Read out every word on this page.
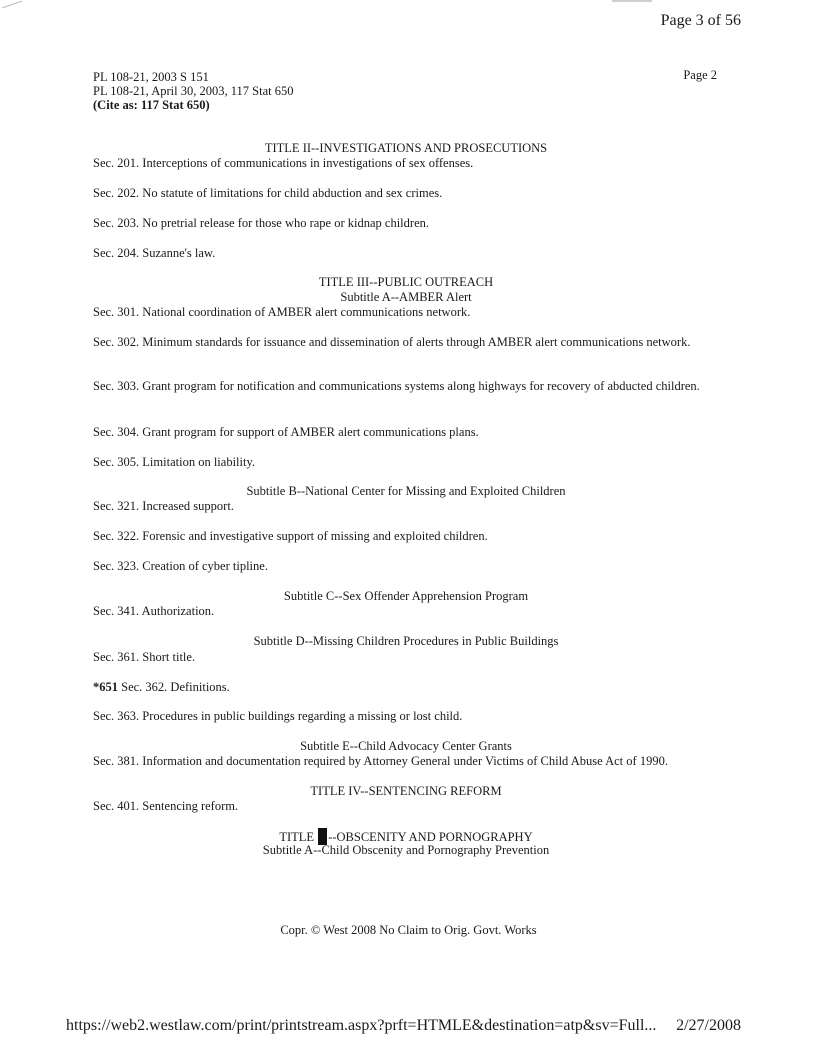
Page 3 of 56
PL 108-21, 2003 S 151
PL 108-21, April 30, 2003, 117 Stat 650
(Cite as: 117 Stat 650)
Page 2
TITLE II--INVESTIGATIONS AND PROSECUTIONS
Sec. 201. Interceptions of communications in investigations of sex offenses.
Sec. 202. No statute of limitations for child abduction and sex crimes.
Sec. 203. No pretrial release for those who rape or kidnap children.
Sec. 204. Suzanne's law.
TITLE III--PUBLIC OUTREACH
Subtitle A--AMBER Alert
Sec. 301. National coordination of AMBER alert communications network.
Sec. 302. Minimum standards for issuance and dissemination of alerts through AMBER alert communications network.
Sec. 303. Grant program for notification and communications systems along highways for recovery of abducted children.
Sec. 304. Grant program for support of AMBER alert communications plans.
Sec. 305. Limitation on liability.
Subtitle B--National Center for Missing and Exploited Children
Sec. 321. Increased support.
Sec. 322. Forensic and investigative support of missing and exploited children.
Sec. 323. Creation of cyber tipline.
Subtitle C--Sex Offender Apprehension Program
Sec. 341. Authorization.
Subtitle D--Missing Children Procedures in Public Buildings
Sec. 361. Short title.
*651 Sec. 362. Definitions.
Sec. 363. Procedures in public buildings regarding a missing or lost child.
Subtitle E--Child Advocacy Center Grants
Sec. 381. Information and documentation required by Attorney General under Victims of Child Abuse Act of 1990.
TITLE IV--SENTENCING REFORM
Sec. 401. Sentencing reform.
TITLE --OBSCENITY AND PORNOGRAPHY
Subtitle A--Child Obscenity and Pornography Prevention
Copr. © West 2008 No Claim to Orig. Govt. Works
https://web2.westlaw.com/print/printstream.aspx?prft=HTMLE&destination=atp&sv=Full... 2/27/2008
